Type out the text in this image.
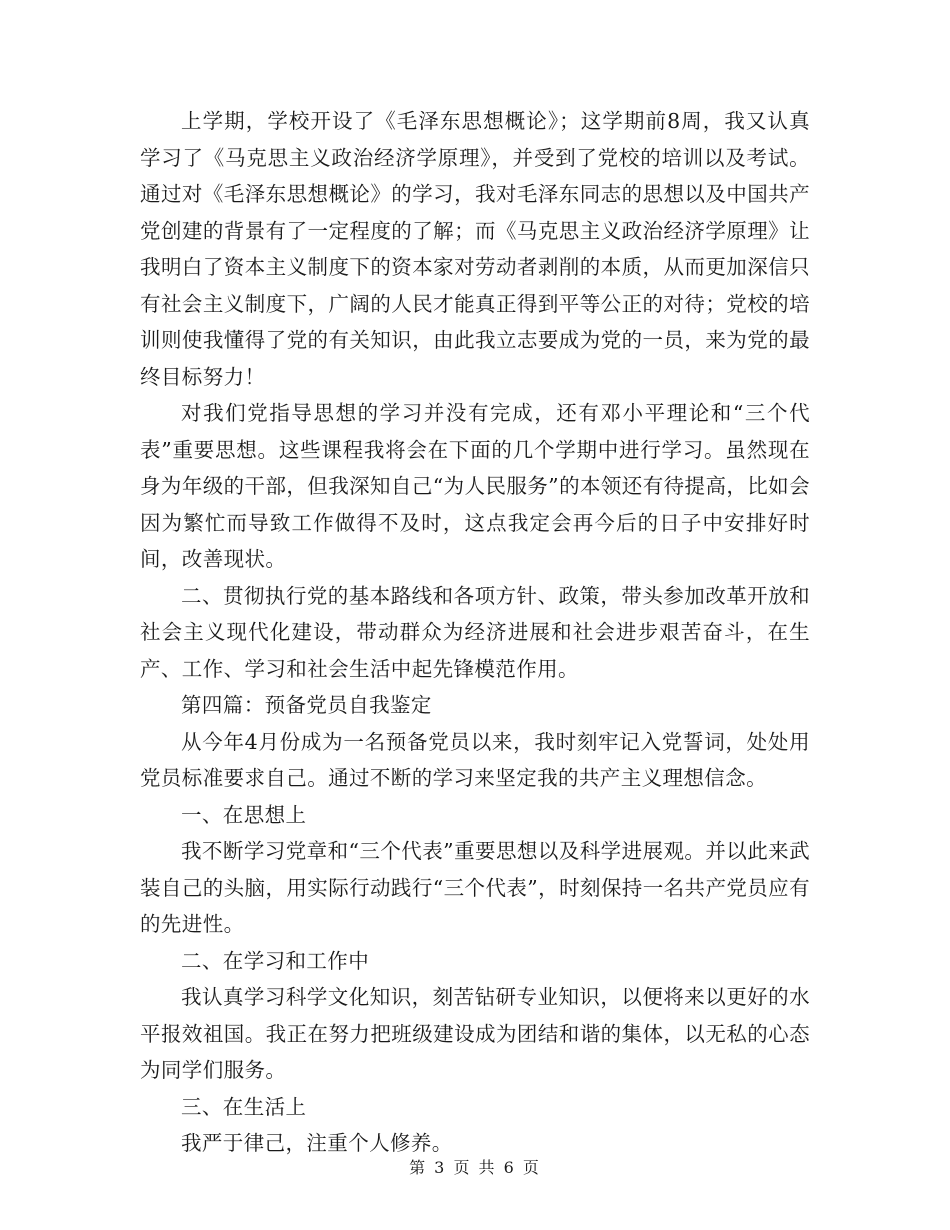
上学期，学校开设了《毛泽东思想概论》；这学期前8周，我又认真学习了《马克思主义政治经济学原理》，并受到了党校的培训以及考试。通过对《毛泽东思想概论》的学习，我对毛泽东同志的思想以及中国共产党创建的背景有了一定程度的了解；而《马克思主义政治经济学原理》让我明白了资本主义制度下的资本家对劳动者剥削的本质，从而更加深信只有社会主义制度下，广阔的人民才能真正得到平等公正的对待；党校的培训则使我懂得了党的有关知识，由此我立志要成为党的一员，来为党的最终目标努力！

对我们党指导思想的学习并没有完成，还有邓小平理论和“三个代表”重要思想。这些课程我将会在下面的几个学期中进行学习。虽然现在身为年级的干部，但我深知自己“为人民服务”的本领还有待提高，比如会因为繁忙而导致工作做得不及时，这点我定会再今后的日子中安排好时间，改善现状。

二、贯彻执行党的基本路线和各项方针、政策，带头参加改革开放和社会主义现代化建设，带动群众为经济进展和社会进步艰苦奋斗，在生产、工作、学习和社会生活中起先锋模范作用。

第四篇：预备党员自我鉴定

从今年4月份成为一名预备党员以来，我时刻牢记入党誓词，处处用党员标准要求自己。通过不断的学习来坚定我的共产主义理想信念。

一、在思想上

我不断学习党章和“三个代表”重要思想以及科学进展观。并以此来武装自己的头脑，用实际行动践行“三个代表”，时刻保持一名共产党员应有的先进性。

二、在学习和工作中

我认真学习科学文化知识，刻苦钻研专业知识，以便将来以更好的水平报效祖国。我正在努力把班级建设成为团结和谐的集体，以无私的心态为同学们服务。

三、在生活上

我严于律己，注重个人修养。

第 3 页 共 6 页
